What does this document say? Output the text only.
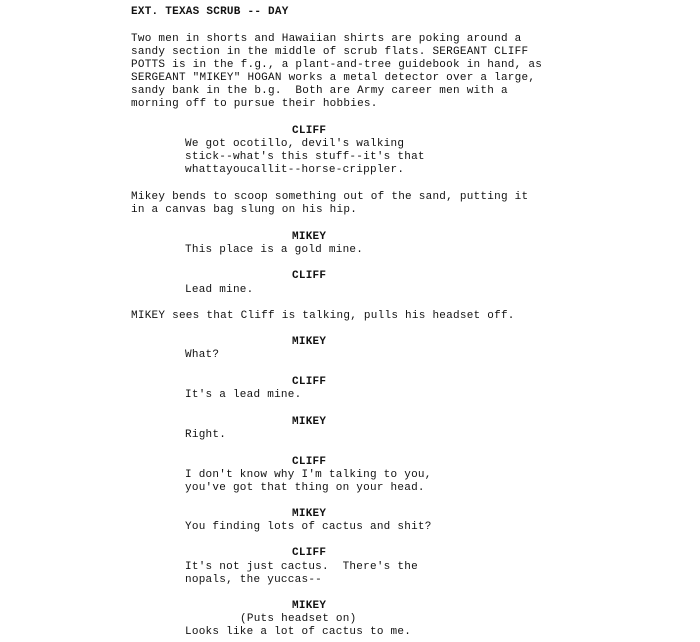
EXT. TEXAS SCRUB -- DAY
Two men in shorts and Hawaiian shirts are poking around a
sandy section in the middle of scrub flats. SERGEANT CLIFF
POTTS is in the f.g., a plant-and-tree guidebook in hand, as
SERGEANT "MIKEY" HOGAN works a metal detector over a large,
sandy bank in the b.g.  Both are Army career men with a
morning off to pursue their hobbies.
CLIFF
We got ocotillo, devil's walking
stick--what's this stuff--it's that
whattayoucallit--horse-crippler.
Mikey bends to scoop something out of the sand, putting it
in a canvas bag slung on his hip.
MIKEY
This place is a gold mine.
CLIFF
Lead mine.
MIKEY sees that Cliff is talking, pulls his headset off.
MIKEY
What?
CLIFF
It's a lead mine.
MIKEY
Right.
CLIFF
I don't know why I'm talking to you,
you've got that thing on your head.
MIKEY
You finding lots of cactus and shit?
CLIFF
It's not just cactus.  There's the
nopals, the yuccas--
MIKEY
(Puts headset on)
Looks like a lot of cactus to me.
